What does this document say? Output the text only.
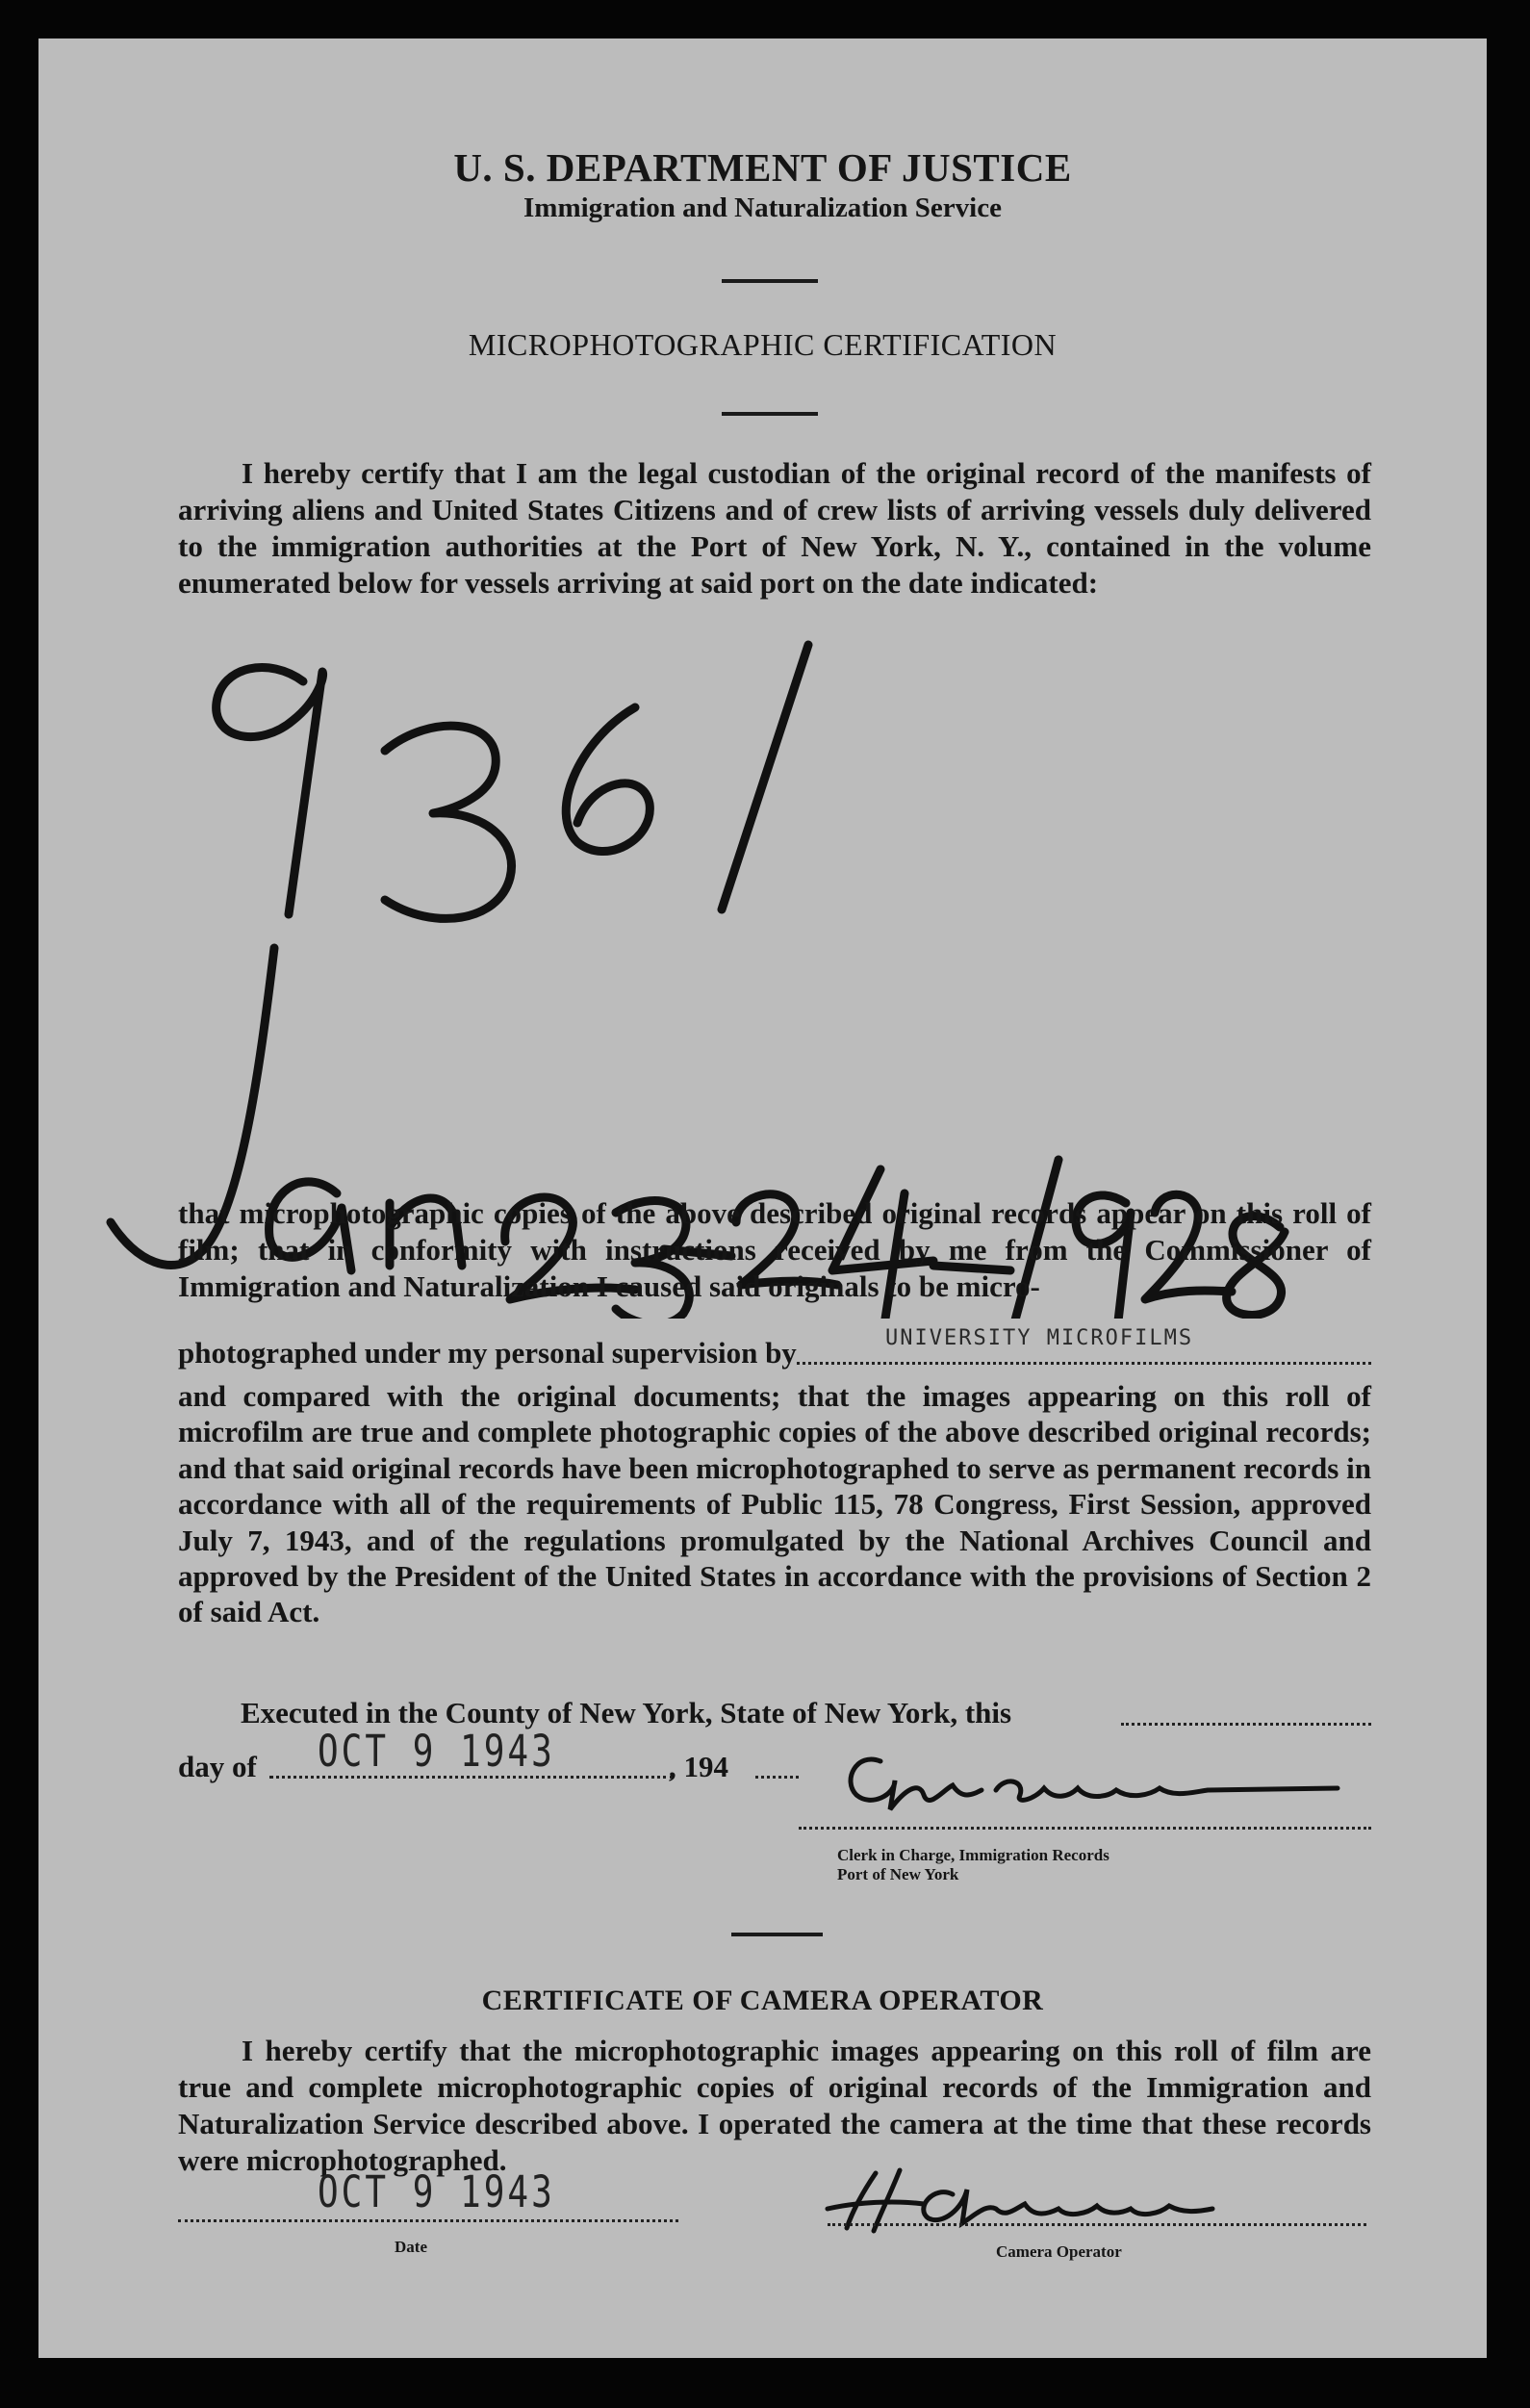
U. S. DEPARTMENT OF JUSTICE
Immigration and Naturalization Service
MICROPHOTOGRAPHIC CERTIFICATION
I hereby certify that I am the legal custodian of the original record of the manifests of arriving aliens and United States Citizens and of crew lists of arriving vessels duly delivered to the immigration authorities at the Port of New York, N. Y., contained in the volume enumerated below for vessels arriving at said port on the date indicated:
that microphotographic copies of the above described original records appear on this roll of film; that in conformity with instructions received by me from the Commissioner of Immigration and Naturalization I caused said originals to be micro-
photographed under my personal supervision by	UNIVERSITY MICROFILMS
and compared with the original documents; that the images appearing on this roll of microfilm are true and complete photographic copies of the above described original records; and that said original records have been microphotographed to serve as permanent records in accordance with all of the requirements of Public 115, 78 Congress, First Session, approved July 7, 1943, and of the regulations promulgated by the National Archives Council and approved by the President of the United States in accordance with the provisions of Section 2 of said Act.
Executed in the County of New York, State of New York, this
day of OCT 9 1943	, 194
Clerk in Charge, Immigration Records
Port of New York
CERTIFICATE OF CAMERA OPERATOR
I hereby certify that the microphotographic images appearing on this roll of film are true and complete microphotographic copies of original records of the Immigration and Naturalization Service described above. I operated the camera at the time that these records were microphotographed.
OCT 9 1943
Date	Camera Operator
